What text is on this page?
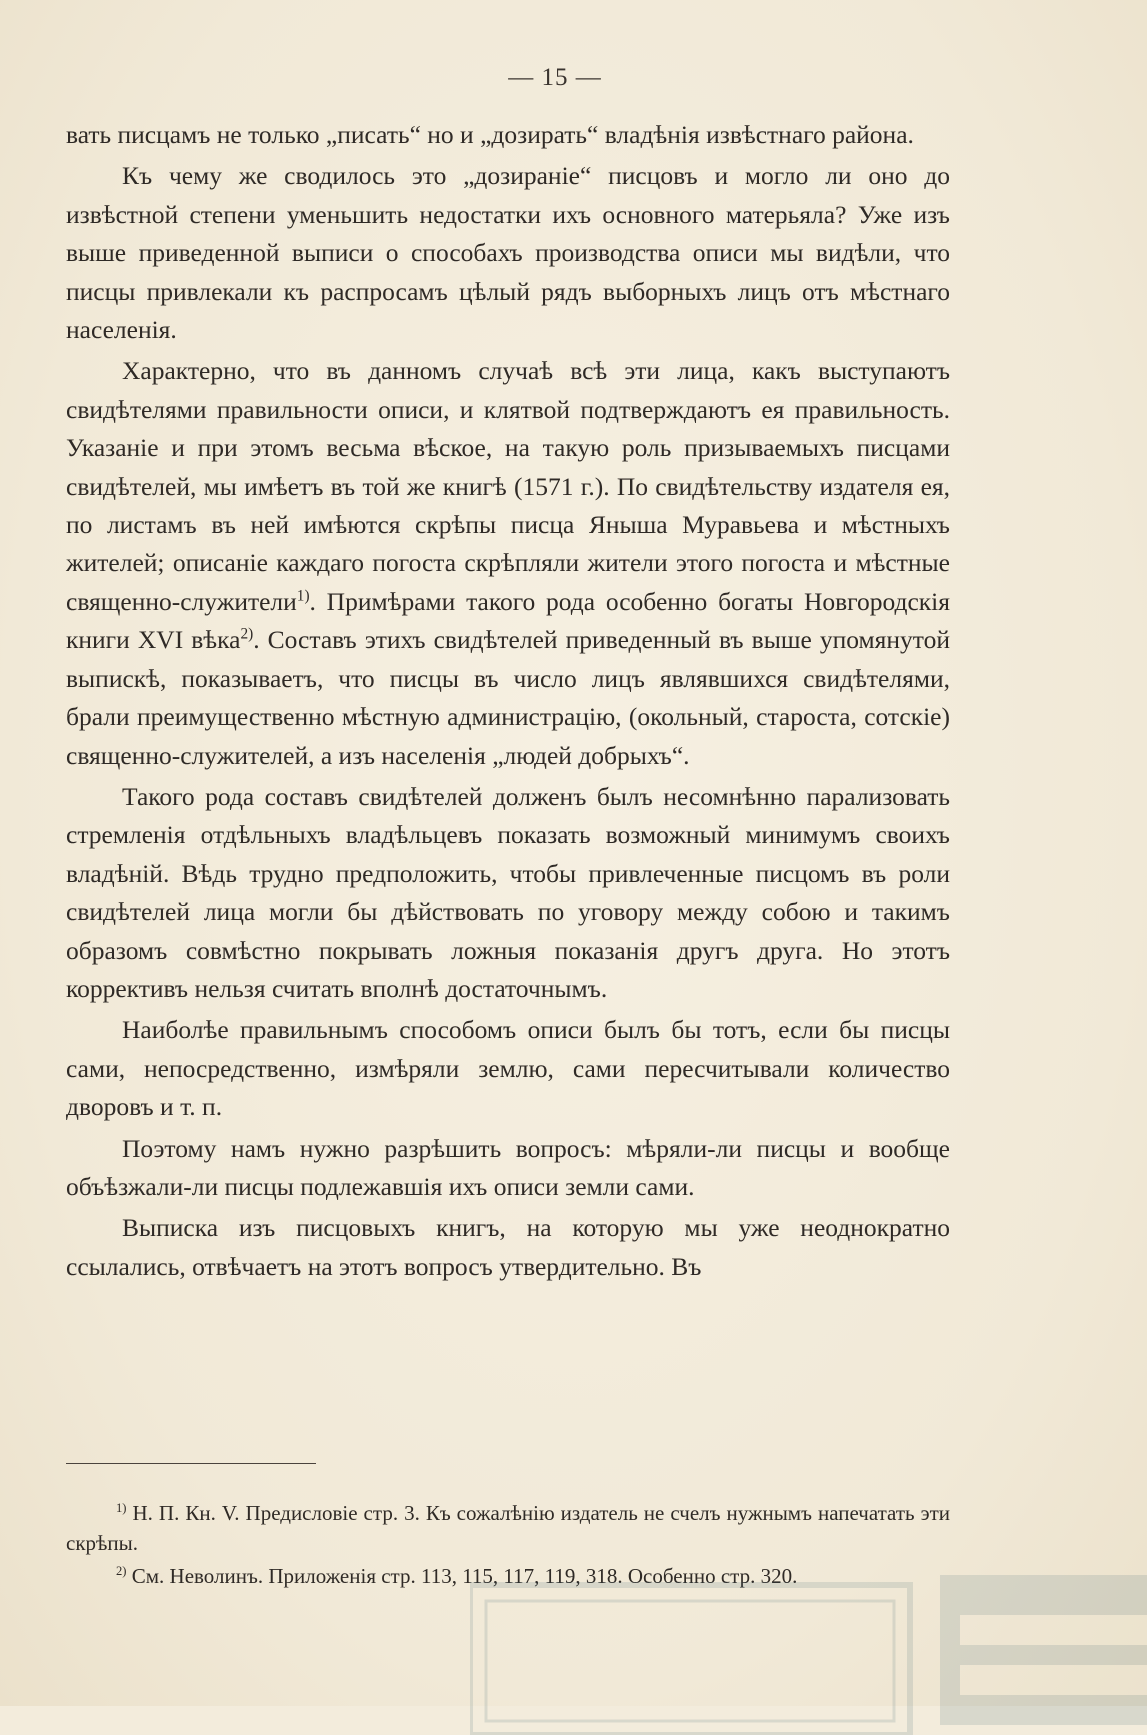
— 15 —

вать писцамъ не только „писать“ но и „дозирать“ владѣнія извѣстнаго района.

Къ чему же сводилось это „дозираніе“ писцовъ и могло ли оно до извѣстной степени уменьшить недостатки ихъ основного матерьяла? Уже изъ выше приведенной выписи о способахъ производства описи мы видѣли, что писцы привлекали къ распросамъ цѣлый рядъ выборныхъ лицъ отъ мѣстнаго населенія.

Характерно, что въ данномъ случаѣ всѣ эти лица, какъ выступаютъ свидѣтелями правильности описи, и клятвой подтверждаютъ ея правильность. Указаніе и при этомъ весьма вѣское, на такую роль призываемыхъ писцами свидѣтелей, мы имѣетъ въ той же книгѣ (1571 г.). По свидѣтельству издателя ея, по листамъ въ ней имѣются скрѣпы писца Яныша Муравьева и мѣстныхъ жителей; описаніе каждаго погоста скрѣпляли жители этого погоста и мѣстные священно-служители$^{1)}$. Примѣрами такого рода особенно богаты Новгородскія книги XVI вѣка$^{2)}$. Составъ этихъ свидѣтелей приведенный въ выше упомянутой выпискѣ, показываетъ, что писцы въ число лицъ являвшихся свидѣтелями, брали преимущественно мѣстную администрацію, (окольный, староста, сотскіе) священно-служителей, а изъ населенія „людей добрыхъ“.

Такого рода составъ свидѣтелей долженъ былъ несомнѣнно парализовать стремленія отдѣльныхъ владѣльцевъ показать возможный минимумъ своихъ владѣній. Вѣдь трудно предположить, чтобы привлеченные писцомъ въ роли свидѣтелей лица могли бы дѣйствовать по уговору между собою и такимъ образомъ совмѣстно покрывать ложныя показанія другъ друга. Но этотъ коррективъ нельзя считать вполнѣ достаточнымъ.

Наиболѣе правильнымъ способомъ описи былъ бы тотъ, если бы писцы сами, непосредственно, измѣряли землю, сами пересчитывали количество дворовъ и т. п.

Поэтому намъ нужно разрѣшить вопросъ: мѣряли-ли писцы и вообще объѣзжали-ли писцы подлежавшія ихъ описи земли сами.

Выписка изъ писцовыхъ книгъ, на которую мы уже неоднократно ссылались, отвѣчаетъ на этотъ вопросъ утвердительно. Въ

$^{1)}$ Н. П. Кн. V. Предисловіе стр. 3. Къ сожалѣнію издатель не счелъ нужнымъ напечатать эти скрѣпы.

$^{2)}$ См. Неволинъ. Приложенія стр. 113, 115, 117, 119, 318. Особенно стр. 320.
